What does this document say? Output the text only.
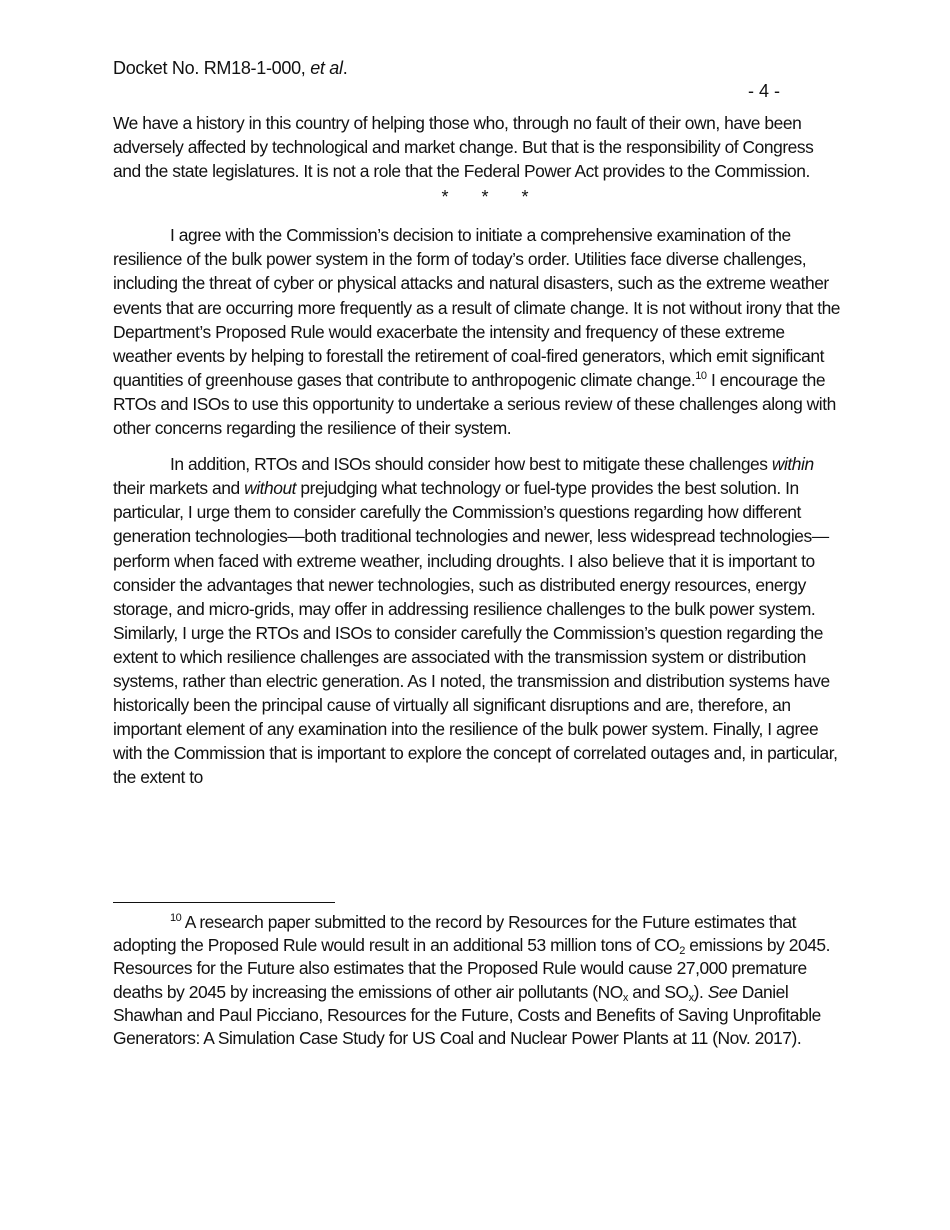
Docket No. RM18-1-000, et al.
- 4 -

We have a history in this country of helping those who, through no fault of their own, have been adversely affected by technological and market change. But that is the responsibility of Congress and the state legislatures. It is not a role that the Federal Power Act provides to the Commission.

* * *

I agree with the Commission’s decision to initiate a comprehensive examination of the resilience of the bulk power system in the form of today’s order. Utilities face diverse challenges, including the threat of cyber or physical attacks and natural disasters, such as the extreme weather events that are occurring more frequently as a result of climate change. It is not without irony that the Department’s Proposed Rule would exacerbate the intensity and frequency of these extreme weather events by helping to forestall the retirement of coal-fired generators, which emit significant quantities of greenhouse gases that contribute to anthropogenic climate change.$^{10}$ I encourage the RTOs and ISOs to use this opportunity to undertake a serious review of these challenges along with other concerns regarding the resilience of their system.

In addition, RTOs and ISOs should consider how best to mitigate these challenges within their markets and without prejudging what technology or fuel-type provides the best solution. In particular, I urge them to consider carefully the Commission’s questions regarding how different generation technologies—both traditional technologies and newer, less widespread technologies—perform when faced with extreme weather, including droughts. I also believe that it is important to consider the advantages that newer technologies, such as distributed energy resources, energy storage, and micro-grids, may offer in addressing resilience challenges to the bulk power system. Similarly, I urge the RTOs and ISOs to consider carefully the Commission’s question regarding the extent to which resilience challenges are associated with the transmission system or distribution systems, rather than electric generation. As I noted, the transmission and distribution systems have historically been the principal cause of virtually all significant disruptions and are, therefore, an important element of any examination into the resilience of the bulk power system. Finally, I agree with the Commission that is important to explore the concept of correlated outages and, in particular, the extent to

$^{10}$ A research paper submitted to the record by Resources for the Future estimates that adopting the Proposed Rule would result in an additional 53 million tons of $CO_2$ emissions by 2045. Resources for the Future also estimates that the Proposed Rule would cause 27,000 premature deaths by 2045 by increasing the emissions of other air pollutants ($NO_x$ and $SO_x$). See Daniel Shawhan and Paul Picciano, Resources for the Future, Costs and Benefits of Saving Unprofitable Generators: A Simulation Case Study for US Coal and Nuclear Power Plants at 11 (Nov. 2017).
